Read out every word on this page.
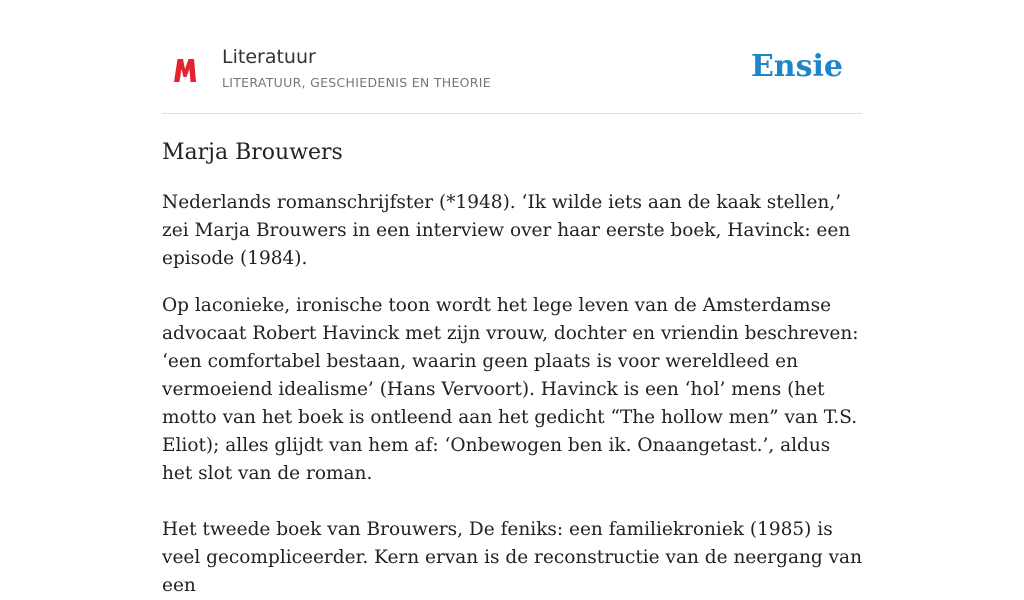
Literatuur
LITERATUUR, GESCHIEDENIS EN THEORIE	Ensie
Marja Brouwers

Nederlands romanschrijfster (*1948). ‘Ik wilde iets aan de kaak stellen,’ zei Marja Brouwers in een interview over haar eerste boek, Havinck: een episode (1984).

Op laconieke, ironische toon wordt het lege leven van de Amsterdamse advocaat Robert Havinck met zijn vrouw, dochter en vriendin beschreven: ‘een comfortabel bestaan, waarin geen plaats is voor wereldleed en vermoeiend idealisme’ (Hans Vervoort). Havinck is een ‘hol’ mens (het motto van het boek is ontleend aan het gedicht “The hollow men” van T.S. Eliot); alles glijdt van hem af: ‘Onbewogen ben ik. Onaangetast.’, aldus het slot van de roman.

Het tweede boek van Brouwers, De feniks: een familiekroniek (1985) is veel gecompliceerder. Kern ervan is de reconstructie van de neergang van een
